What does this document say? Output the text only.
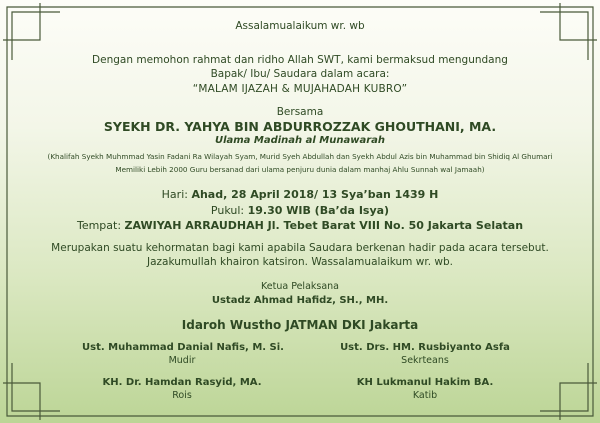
Assalamualaikum wr. wb
Dengan memohon rahmat dan ridho Allah SWT, kami bermaksud mengundang
Bapak/ Ibu/ Saudara dalam acara:
“MALAM IJAZAH & MUJAHADAH KUBRO”
Bersama
SYEKH DR. YAHYA BIN ABDURROZZAK GHOUTHANI, MA.
Ulama Madinah al Munawarah
(Khalifah Syekh Muhmmad Yasin Fadani Ra Wilayah Syam, Murid Syeh Abdullah dan Syekh Abdul Azis bin Muhammad bin Shidiq Al Ghumari
Memiliki Lebih 2000 Guru bersanad dari ulama penjuru dunia dalam manhaj Ahlu Sunnah wal Jamaah)
Hari: Ahad, 28 April 2018/ 13 Sya’ban 1439 H
Pukul: 19.30 WIB (Ba’da Isya)
Tempat: ZAWIYAH ARRAUDHAH Jl. Tebet Barat VIII No. 50 Jakarta Selatan
Merupakan suatu kehormatan bagi kami apabila Saudara berkenan hadir pada acara tersebut.
Jazakumullah khairon katsiron. Wassalamualaikum wr. wb.
Ketua Pelaksana
Ustadz Ahmad Hafidz, SH., MH.
Idaroh Wustho JATMAN DKI Jakarta
Ust. Muhammad Danial Nafis, M. Si.
Mudir
Ust. Drs. HM. Rusbiyanto Asfa
Sekrteans
KH. Dr. Hamdan Rasyid, MA.
Rois
KH Lukmanul Hakim BA.
Katib
